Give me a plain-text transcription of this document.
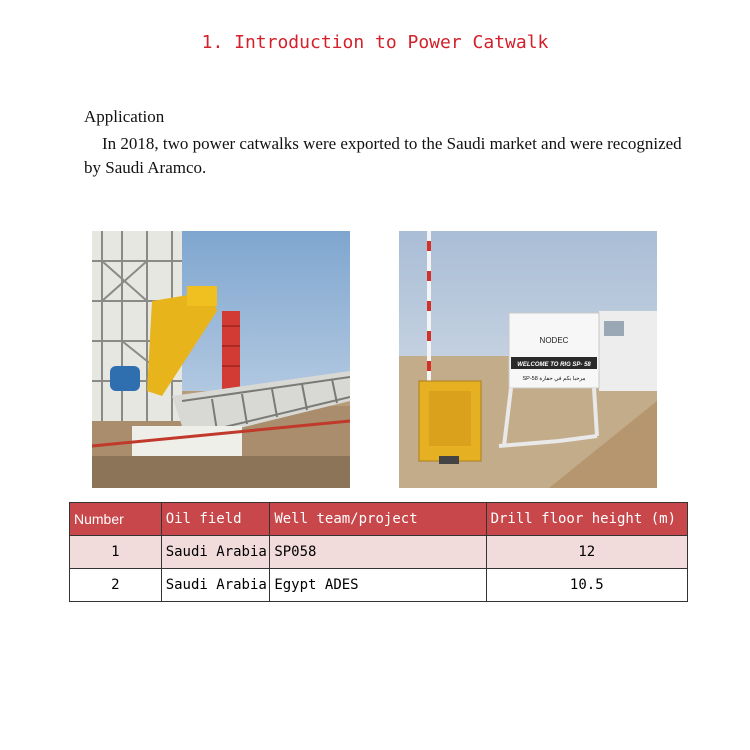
1. Introduction to Power Catwalk
Application
In 2018, two power catwalks were exported to the Saudi market and were recognized by Saudi Aramco.
NODEC
WELCOME TO RIG SP- 58
SP-58 مرحبا بكم في حفارة
Number	Oil field	Well team/project	Drill floor height (m)
1	Saudi Arabia	SP058	12
2	Saudi Arabia	Egypt ADES	10.5
